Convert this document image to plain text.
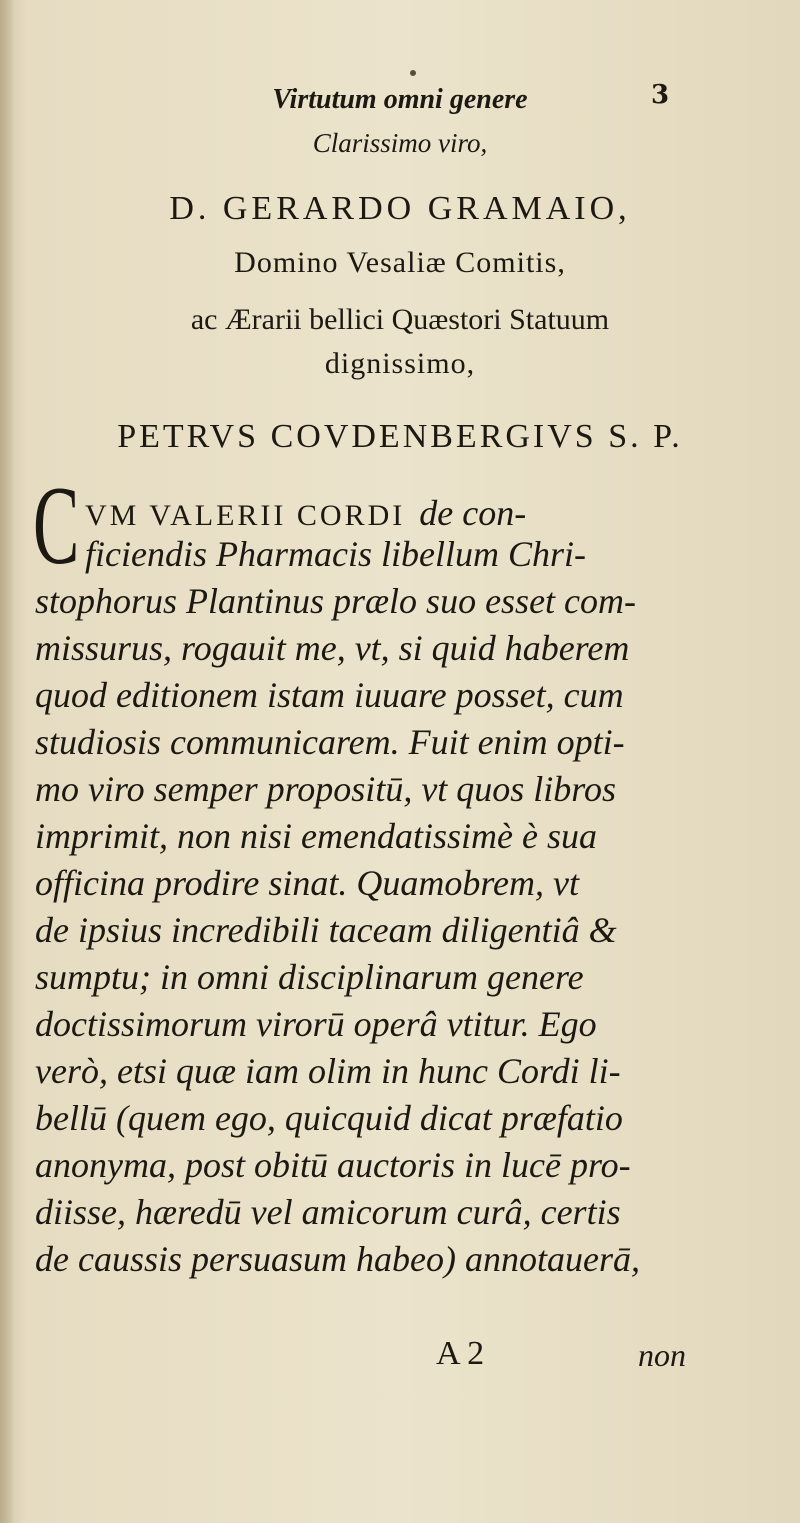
3
Virtutum omni genere
Clarissimo viro,
D. GERARDO GRAMAIO,
Domino Vesaliæ Comitis,
ac Ærarii bellici Quæstori Statuum
dignissimo,
PETRVS COVDENBERGIVS S. P.
C VM VALERII CORDI de con-
ficiendis Pharmacis libellum Chri-
stophorus Plantinus prælo suo esset com-
missurus, rogauit me, vt, si quid haberem
quod editionem istam iuuare posset, cum
studiosis communicarem. Fuit enim opti-
mo viro semper propositū, vt quos libros
imprimit, non nisi emendatissimè è sua
officina prodire sinat. Quamobrem, vt
de ipsius incredibili taceam diligentiâ &
sumptu; in omni disciplinarum genere
doctissimorum virorū operâ vtitur. Ego
verò, etsi quæ iam olim in hunc Cordi li-
bellū (quem ego, quicquid dicat præfatio
anonyma, post obitū auctoris in lucē pro-
diisse, hæredū vel amicorum curâ, certis
de caussis persuasum habeo) annotauerā,
A 2	non
